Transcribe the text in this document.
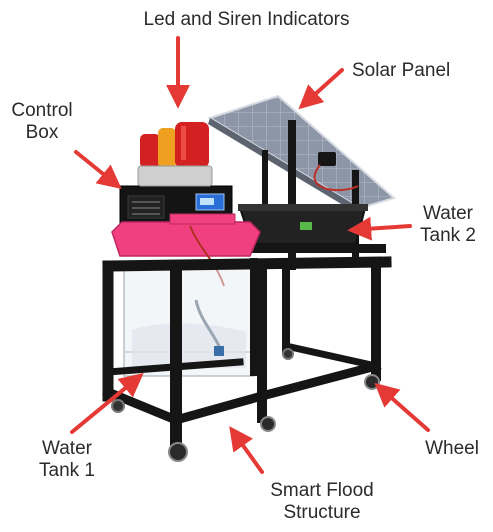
Led and Siren Indicators
Solar Panel
Control
Box
Water
Tank 2
Water
Tank 1
Wheel
Smart Flood
Structure
